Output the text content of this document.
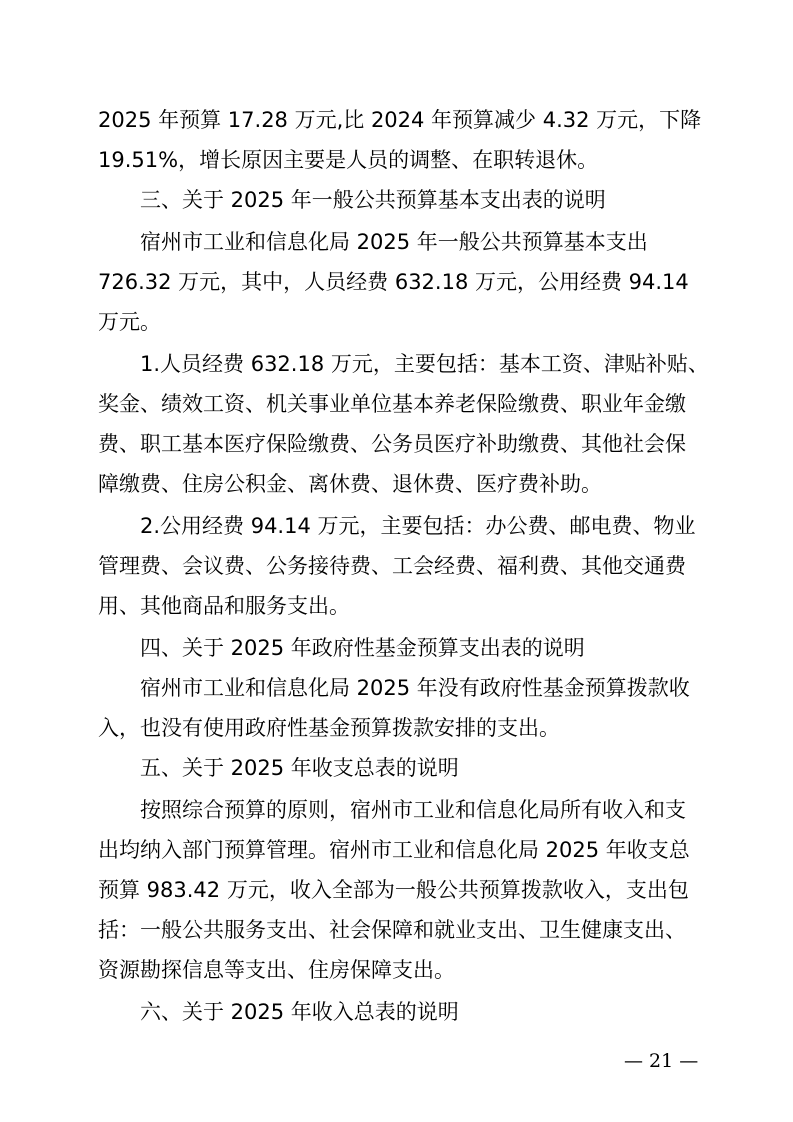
2025 年预算 17.28 万元,比 2024 年预算减少 4.32 万元，下降
19.51%，增长原因主要是人员的调整、在职转退休。
三、关于 2025 年一般公共预算基本支出表的说明
宿州市工业和信息化局 2025 年一般公共预算基本支出
726.32 万元，其中，人员经费 632.18 万元，公用经费 94.14
万元。
1.人员经费 632.18 万元，主要包括：基本工资、津贴补贴、
奖金、绩效工资、机关事业单位基本养老保险缴费、职业年金缴
费、职工基本医疗保险缴费、公务员医疗补助缴费、其他社会保
障缴费、住房公积金、离休费、退休费、医疗费补助。
2.公用经费 94.14 万元，主要包括：办公费、邮电费、物业
管理费、会议费、公务接待费、工会经费、福利费、其他交通费
用、其他商品和服务支出。
四、关于 2025 年政府性基金预算支出表的说明
宿州市工业和信息化局 2025 年没有政府性基金预算拨款收
入，也没有使用政府性基金预算拨款安排的支出。
五、关于 2025 年收支总表的说明
按照综合预算的原则，宿州市工业和信息化局所有收入和支
出均纳入部门预算管理。宿州市工业和信息化局 2025 年收支总
预算 983.42 万元，收入全部为一般公共预算拨款收入，支出包
括：一般公共服务支出、社会保障和就业支出、卫生健康支出、
资源勘探信息等支出、住房保障支出。
六、关于 2025 年收入总表的说明
— 21 —
